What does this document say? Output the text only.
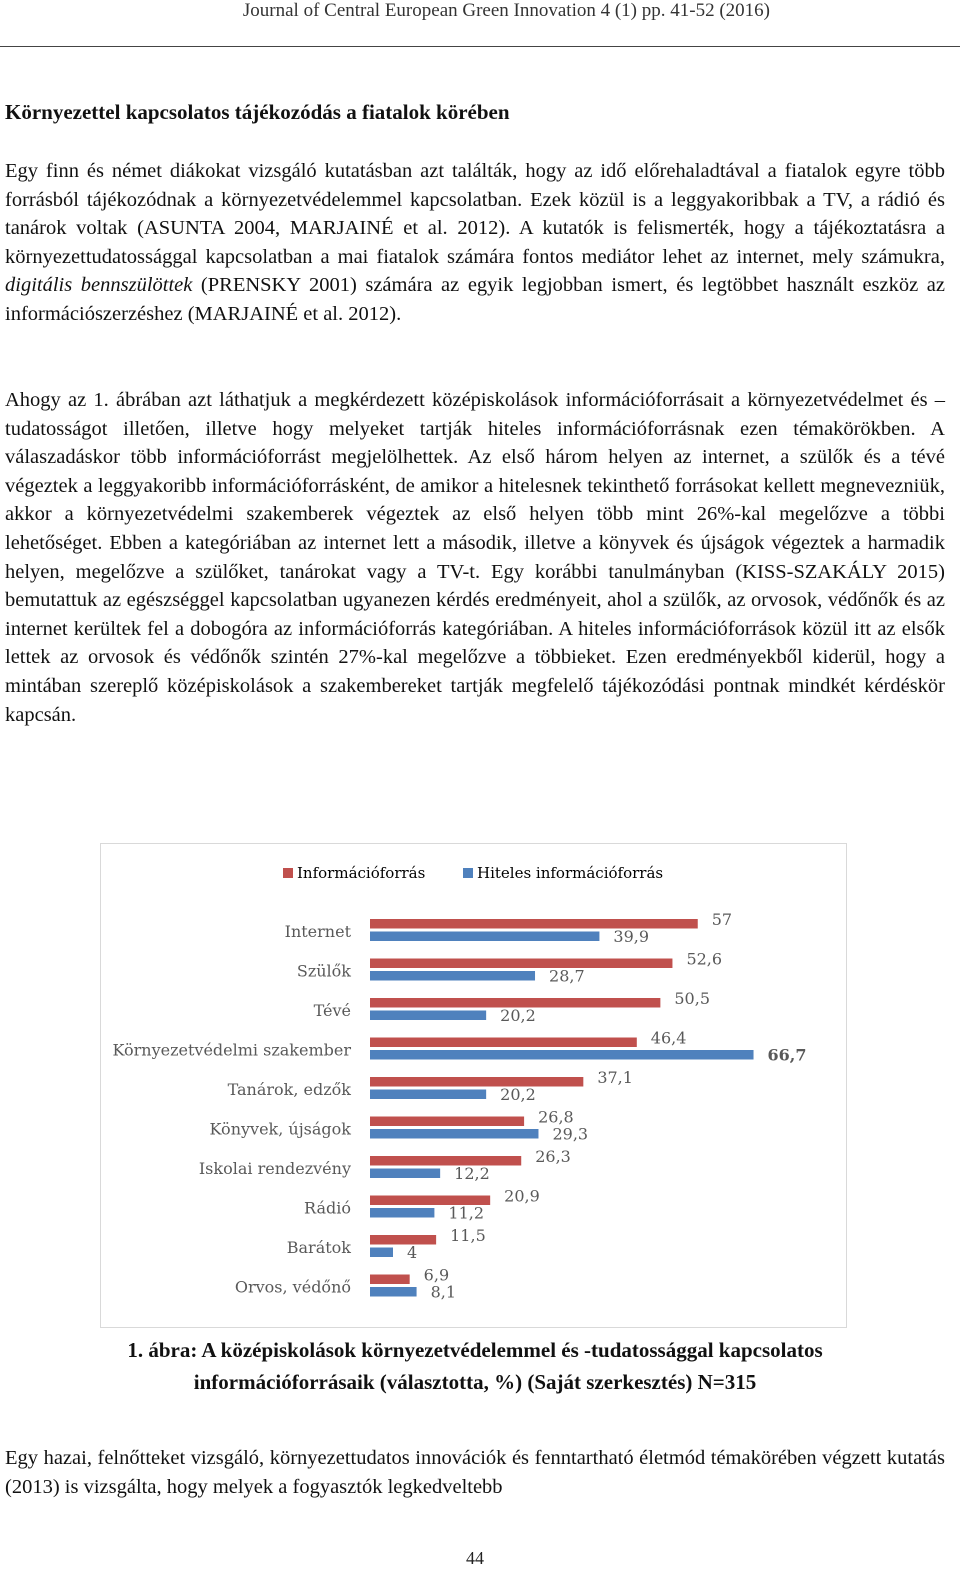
Journal of Central European Green Innovation 4 (1) pp. 41-52 (2016)
Környezettel kapcsolatos tájékozódás a fiatalok körében

Egy finn és német diákokat vizsgáló kutatásban azt találták, hogy az idő előrehaladtával a fiatalok egyre több forrásból tájékozódnak a környezetvédelemmel kapcsolatban. Ezek közül is a leggyakoribbak a TV, a rádió és tanárok voltak (ASUNTA 2004, MARJAINÉ et al. 2012). A kutatók is felismerték, hogy a tájékoztatásra a környezettudatossággal kapcsolatban a mai fiatalok számára fontos mediátor lehet az internet, mely számukra, digitális bennszülöttek (PRENSKY 2001) számára az egyik legjobban ismert, és legtöbbet használt eszköz az információszerzéshez (MARJAINÉ et al. 2012).

Ahogy az 1. ábrában azt láthatjuk a megkérdezett középiskolások információforrásait a környezetvédelmet és – tudatosságot illetően, illetve hogy melyeket tartják hiteles információforrásnak ezen témakörökben. A válaszadáskor több információforrást megjelölhettek. Az első három helyen az internet, a szülők és a tévé végeztek a leggyakoribb információforrásként, de amikor a hitelesnek tekinthető forrásokat kellett megnevezniük, akkor a környezetvédelmi szakemberek végeztek az első helyen több mint 26%-kal megelőzve a többi lehetőséget. Ebben a kategóriában az internet lett a második, illetve a könyvek és újságok végeztek a harmadik helyen, megelőzve a szülőket, tanárokat vagy a TV-t. Egy korábbi tanulmányban (KISS-SZAKÁLY 2015) bemutattuk az egészséggel kapcsolatban ugyanezen kérdés eredményeit, ahol a szülők, az orvosok, védőnők és az internet kerültek fel a dobogóra az információforrás kategóriában. A hiteles információforrások közül itt az elsők lettek az orvosok és védőnők szintén 27%-kal megelőzve a többieket. Ezen eredményekből kiderül, hogy a mintában szereplő középiskolások a szakembereket tartják megfelelő tájékozódási pontnak mindkét kérdéskör kapcsán.

Információforrás	Hiteles információforrás
Internet
57
39,9
Szülők
52,6
28,7
Tévé
50,5
20,2
Környezetvédelmi szakember
46,4
66,7
Tanárok, edzők
37,1
20,2
Könyvek, újságok
26,8
29,3
Iskolai rendezvény
26,3
12,2
Rádió
20,9
11,2
Barátok
11,5
4
Orvos, védőnő
6,9
8,1
1. ábra: A középiskolások környezetvédelemmel és -tudatossággal kapcsolatos
információforrásaik (választotta, %) (Saját szerkesztés) N=315

Egy hazai, felnőtteket vizsgáló, környezettudatos innovációk és fenntartható életmód témakörében végzett kutatás (2013) is vizsgálta, hogy melyek a fogyasztók legkedveltebb

44
